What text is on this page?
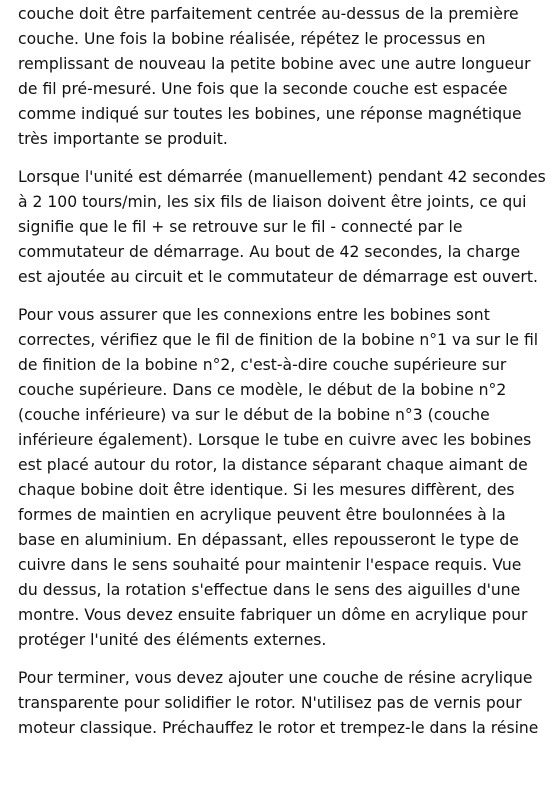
couche doit être parfaitement centrée au-dessus de la première couche. Une fois la bobine réalisée, répétez le processus en remplissant de nouveau la petite bobine avec une autre longueur de fil pré-mesuré. Une fois que la seconde couche est espacée comme indiqué sur toutes les bobines, une réponse magnétique très importante se produit.

Lorsque l'unité est démarrée (manuellement) pendant 42 secondes à 2 100 tours/min, les six fils de liaison doivent être joints, ce qui signifie que le fil + se retrouve sur le fil - connecté par le commutateur de démarrage. Au bout de 42 secondes, la charge est ajoutée au circuit et le commutateur de démarrage est ouvert.

Pour vous assurer que les connexions entre les bobines sont correctes, vérifiez que le fil de finition de la bobine n°1 va sur le fil de finition de la bobine n°2, c'est-à-dire couche supérieure sur couche supérieure. Dans ce modèle, le début de la bobine n°2 (couche inférieure) va sur le début de la bobine n°3 (couche inférieure également). Lorsque le tube en cuivre avec les bobines est placé autour du rotor, la distance séparant chaque aimant de chaque bobine doit être identique. Si les mesures diffèrent, des formes de maintien en acrylique peuvent être boulonnées à la base en aluminium. En dépassant, elles repousseront le type de cuivre dans le sens souhaité pour maintenir l'espace requis. Vue du dessus, la rotation s'effectue dans le sens des aiguilles d'une montre. Vous devez ensuite fabriquer un dôme en acrylique pour protéger l'unité des éléments externes.

Pour terminer, vous devez ajouter une couche de résine acrylique transparente pour solidifier le rotor. N'utilisez pas de vernis pour moteur classique. Préchauffez le rotor et trempez-le dans la résine
